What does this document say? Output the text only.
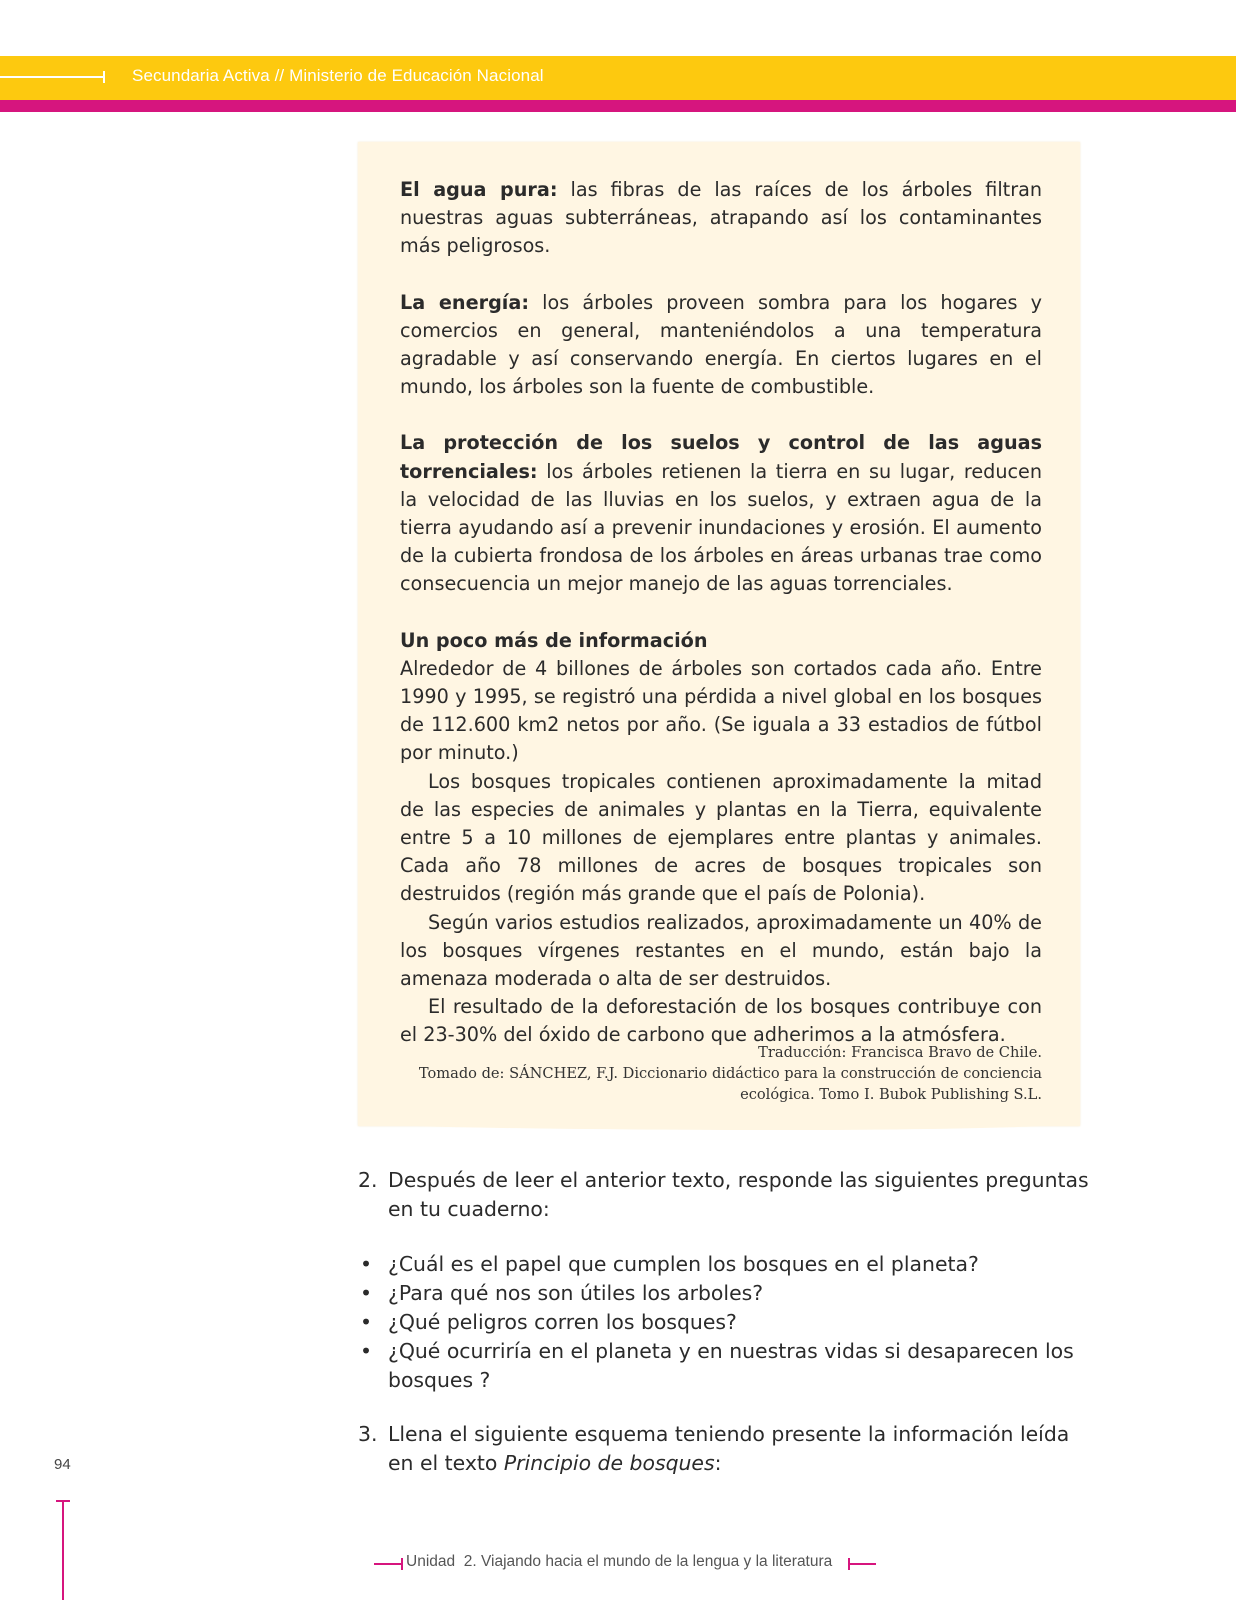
Secundaria Activa // Ministerio de Educación Nacional

El agua pura: las fibras de las raíces de los árboles filtran nuestras aguas subterráneas, atrapando así los contaminantes más peligrosos.

La energía: los árboles proveen sombra para los hogares y comercios en general, manteniéndolos a una temperatura agradable y así conservando energía. En ciertos lugares en el mundo, los árboles son la fuente de combustible.

La protección de los suelos y control de las aguas torrenciales: los árboles retienen la tierra en su lugar, reducen la velocidad de las lluvias en los suelos, y extraen agua de la tierra ayudando así a prevenir inundaciones y erosión. El aumento de la cubierta frondosa de los árboles en áreas urbanas trae como consecuencia un mejor manejo de las aguas torrenciales.

Un poco más de información

Alrededor de 4 billones de árboles son cortados cada año. Entre 1990 y 1995, se registró una pérdida a nivel global en los bosques de 112.600 km2 netos por año. (Se iguala a 33 estadios de fútbol por minuto.)

Los bosques tropicales contienen aproximadamente la mitad de las especies de animales y plantas en la Tierra, equivalente entre 5 a 10 millones de ejemplares entre plantas y animales. Cada año 78 millones de acres de bosques tropicales son destruidos (región más grande que el país de Polonia).

Según varios estudios realizados, aproximadamente un 40% de los bosques vírgenes restantes en el mundo, están bajo la amenaza moderada o alta de ser destruidos.

El resultado de la deforestación de los bosques contribuye con el 23-30% del óxido de carbono que adherimos a la atmósfera.

Traducción: Francisca Bravo de Chile.

Tomado de: SÁNCHEZ, F.J. Diccionario didáctico para la construcción de conciencia ecológica. Tomo I. Bubok Publishing S.L.

2. Después de leer el anterior texto, responde las siguientes preguntas en tu cuaderno:
• ¿Cuál es el papel que cumplen los bosques en el planeta?
• ¿Para qué nos son útiles los arboles?
• ¿Qué peligros corren los bosques?
• ¿Qué ocurriría en el planeta y en nuestras vidas si desaparecen los bosques ?
3. Llena el siguiente esquema teniendo presente la información leída en el texto Principio de bosques:
94
Unidad 2. Viajando hacia el mundo de la lengua y la literatura
